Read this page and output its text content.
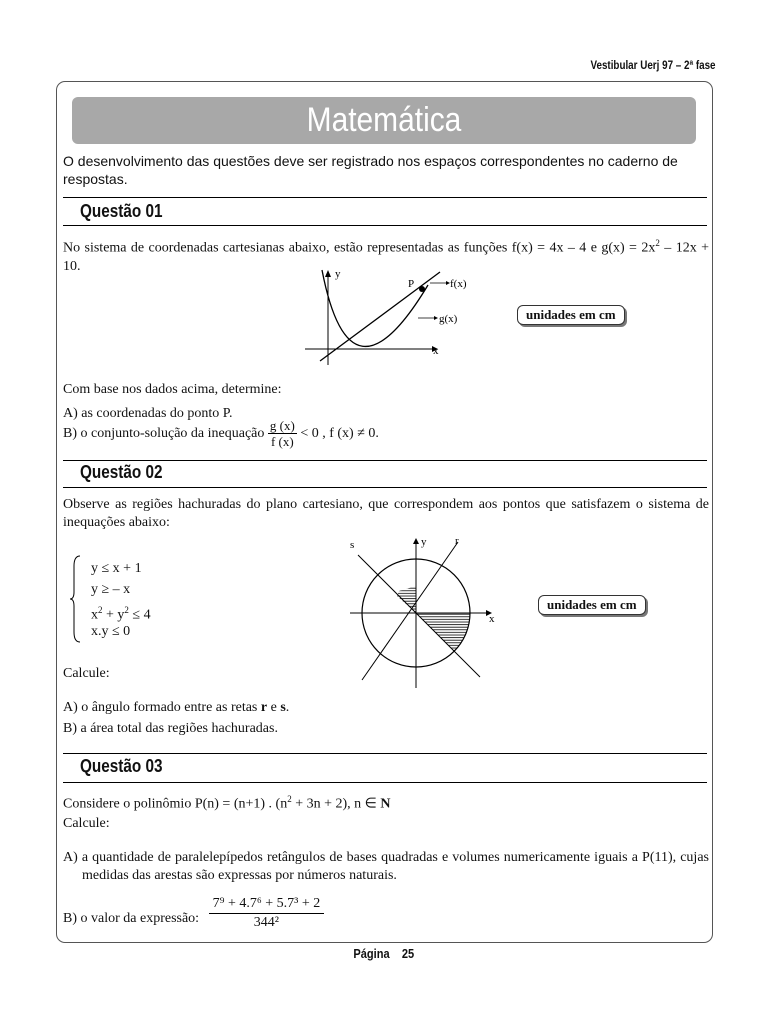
Vestibular Uerj 97 – 2ª fase
Matemática
O desenvolvimento das questões deve ser registrado nos espaços correspondentes no caderno de respostas.
Questão 01
No sistema de coordenadas cartesianas abaixo, estão representadas as funções f(x) = 4x – 4 e $g(x) = 2x^2 - 12x + 10$.
y
P	f(x)
g(x)
x
unidades em cm
Com base nos dados acima, determine:
A) as coordenadas do ponto P.
B) o conjunto-solução da inequação $\frac{g (x)}{f (x)} < 0$ , f (x) ≠ 0.
Questão 02
Observe as regiões hachuradas do plano cartesiano, que correspondem aos pontos que satisfazem o sistema de inequações abaixo:
y ≤ x + 1
y ≥ – x
$x^2 + y^2 \le 4$
x.y ≤ 0
s	y	r
x
unidades em cm
Calcule:
A) o ângulo formado entre as retas r e s.
B) a área total das regiões hachuradas.
Questão 03
Considere o polinômio P(n) = (n+1) . $(n^2 + 3n + 2)$, n ∈ N
Calcule:
A) a quantidade de paralelepípedos retângulos de bases quadradas e volumes numericamente iguais a P(11), cujas medidas das arestas são expressas por números naturais.
B) o valor da expressão: $\frac{\text{7⁹ + 4.7⁶ + 5.7³ + 2}}{\text{344²}}$
Página    25
